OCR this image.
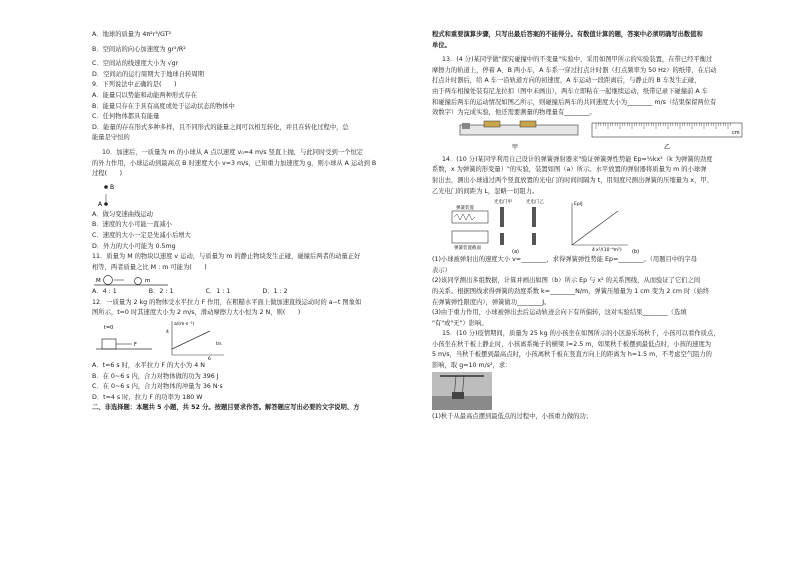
A．地球的质量为 4π²r³/GT²
B．空间站的向心加速度为 gr²/R²
C．空间站的线速度大小为 √gr
D．空间站的运行周期大于地球自转周期
9．下列说法中正确的是(　　)
A．能量只以势能和动能两种形式存在
B．能量只存在于具有高度或处于运动状态的物体中
C．任何物体都具有能量
D．能量的存在形式多种多样，且不同形式的能量之间可以相互转化，并且在转化过程中，总
能量是守恒的
10．加速后，一质量为 m 的小球从 A 点以速度 v₀=4 m/s 竖直上抛，与此同时受到一个恒定
的外力作用，小球运动到最高点 B 时速度大小 v=3 m/s，已知重力加速度为 g，则小球从 A 运动到 B
过程(　　)
B
A
A．做匀变速曲线运动
B．速度的大小可能一直减小
C．速度的大小一定是先减小后增大
D．外力的大小可能为 0.5mg
11．质量为 M 的物块以速度 v 运动，与质量为 m 的静止物块发生正碰，碰撞后两者的动量正好
相等，两者质量之比 M : m 可能为(　　)
M	m
A．4 : 1	B．2 : 1	C．1 : 1	D．1 : 2
12．一质量为 2 kg 的物体受水平拉力 F 作用，在粗糙水平面上做加速直线运动时的 a−t 图象如
图所示，t=0 时其速度大小为 2 m/s，滑动摩擦力大小恒为 2 N，则(　　)
t=0
F
a/(m·s⁻²)
t/s
4
6
A．t=6 s 时，水平拉力 F 的大小为 4 N
B．在 0~6 s 内，合力对物体做的功为 396 J
C．在 0~6 s 内，合力对物体的冲量为 36 N·s
D．t=4 s 时，拉力 F 的功率为 180 W
二、非选择题：本题共 5 小题，共 52 分。按题目要求作答。解答题应写出必要的文字说明、方
程式和重要演算步骤，只写出最后答案的不能得分。有数值计算的题，答案中必须明确写出数值和
单位。
13．(4 分)某同学做"探究碰撞中的不变量"实验中，采用如图甲所示的实验装置，在带已经平衡过
摩擦力的轨道上，停着 A、B 两小车，A 车系一穿过打点计时器（打点频率为 50 Hz）的纸带，在启动
打点计时器后，给 A 车一沿轨道方向的初速度，A 车运动一段距离后，与静止的 B 车发生正碰，
由于两车相撞处装有尼龙拉扣（图中未画出），两车立即粘在一起继续运动，纸带记录下碰撞前 A 车
和碰撞后两车的运动情况如图乙所示，则碰撞后两车的共同速度大小为________ m/s（结果保留两位有
效数字）为完成实验，他还需要测量的物理量有________。
甲
cm
乙
14．(10 分)某同学利用自己设计的弹簧弹射器来"验证弹簧弹性势能 Ep=½kx²（k 为弹簧的劲度
系数，x 为弹簧的形变量）"的实验，装置如图（a）所示。水平放置的弹射器将质量为 m 的小球弹
射出去，测出小球通过两个竖直放置的光电门的时间间隔为 t，用刻度尺测出弹簧的压缩量为 x，甲、
乙光电门的间距为 L，忽略一切阻力。
光电门甲	光电门乙
弹簧装置
弹簧装置截面
(a)
Ep/J
x²/(10⁻⁴m²)
4	(b)
(1)小球被弹射出的速度大小 v=________，求得弹簧弹性势能 Ep=________。（用题目中的字母
表示）
(2)该同学测出多组数据，计算并画出如图（b）所示 Ep 与 x² 的关系图线，从而验证了它们之间
的关系。根据图线求得弹簧的劲度系数 k=________N/m，弹簧压缩量为 1 cm 变为 2 cm 时（始终
在弹簧弹性限度内），弹簧做功________J。
(3)由于重力作用，小球被弹出去后运动轨迹会向下有所偏转，这对实验结果________（选填
"有"或"无"）影响。
15．(10 分)疫情期间，质量为 25 kg 的小孩坐在如图所示的小区游乐场秋千，小孩可以看作质点，
小孩坐在秋千板上静止时，小孩离系绳子的横梁 l=2.5 m，如果秋千板摆到最低点时，小孩的速度为
5 m/s，当秋千板摆到最高点时，小孩离秋千板在竖直方向上的距离为 h=1.5 m，不考虑空气阻力的
影响，取 g=10 m/s²，求：
(1)秋千从最高点摆到最低点的过程中，小孩重力做的功；
